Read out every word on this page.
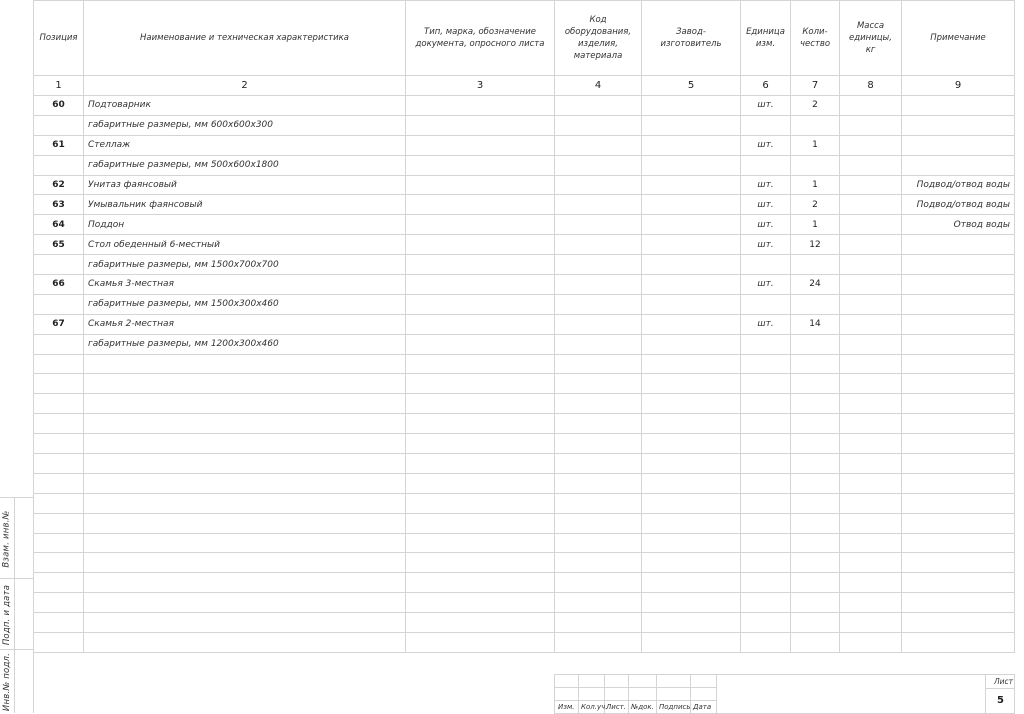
Взам. инв.№
Подп. и дата
Инв.№ подл.
Позиция	Наименование и техническая характеристика	Тип, марка, обозначение документа, опросного листа	Код оборудования, изделия, материала	Завод-изготовитель	Единица изм.	Коли-чество	Масса единицы, кг	Примечание
1	2	3	4	5	6	7	8	9
60	Подтоварник				шт.	2		
	габаритные размеры, мм 600х600х300							
61	Стеллаж				шт.	1		
	габаритные размеры, мм 500х600х1800							
62	Унитаз фаянсовый				шт.	1		Подвод/отвод воды
63	Умывальник фаянсовый				шт.	2		Подвод/отвод воды
64	Поддон				шт.	1		Отвод воды
65	Стол обеденный 6-местный				шт.	12		
	габаритные размеры, мм 1500х700х700							
66	Скамья 3-местная				шт.	24		
	габаритные размеры, мм 1500х300х460							
67	Скамья 2-местная				шт.	14		
	габаритные размеры, мм 1200х300х460							

Изм. Кол.уч.
Лист. №док. Подпись Дата
Лист
5
